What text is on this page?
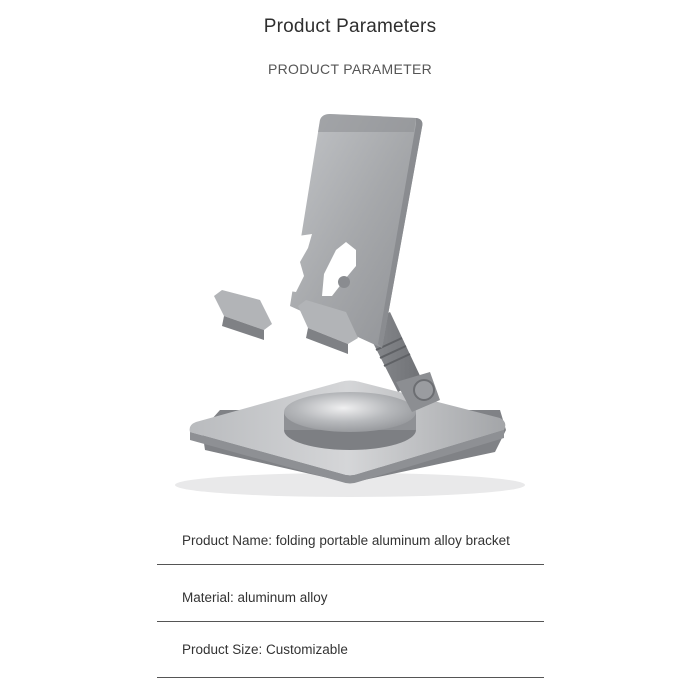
Product Parameters
PRODUCT PARAMETER
Product Name: folding portable aluminum alloy bracket
Material: aluminum alloy
Product Size: Customizable
